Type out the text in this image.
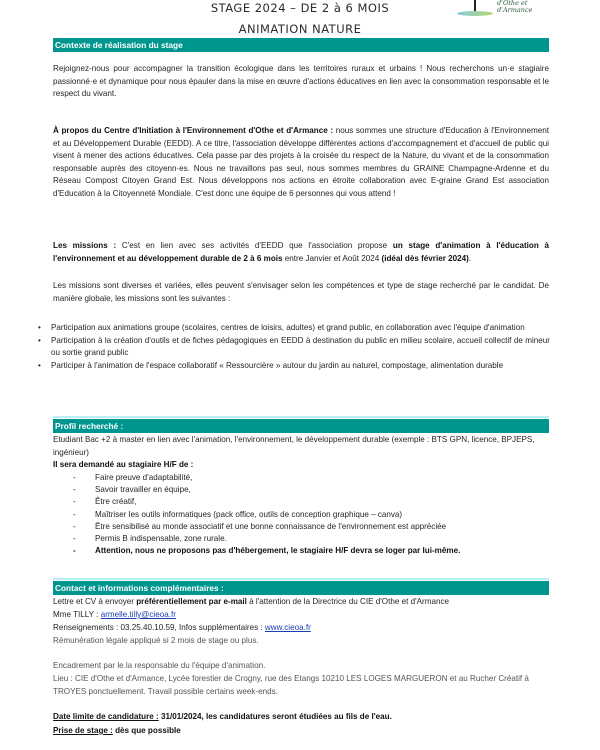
STAGE 2024 – DE 2 à 6 MOIS
ANIMATION NATURE
d'Othe et
d'Armance
Contexte de réalisation du stage
Rejoignez-nous pour accompagner la transition écologique dans les territoires ruraux et urbains ! Nous recherchons un·e stagiaire passionné·e et dynamique pour nous épauler dans la mise en œuvre d'actions éducatives en lien avec la consommation responsable et le respect du vivant.
À propos du Centre d'Initiation à l'Environnement d'Othe et d'Armance : nous sommes une structure d'Education à l'Environnement et au Développement Durable (EEDD). A ce titre, l'association développe différentes actions d'accompagnement et d'accueil de public qui visent à mener des actions éducatives. Cela passe par des projets à la croisée du respect de la Nature, du vivant et de la consommation responsable auprès des citoyenn·es. Nous ne travaillons pas seul, nous sommes membres du GRAINE Champagne-Ardenne et du Réseau Compost Citoyen Grand Est. Nous développons nos actions en étroite collaboration avec E-graine Grand Est association d'Education à la Citoyenneté Mondiale. C'est donc une équipe de 6 personnes qui vous attend !
Les missions : C'est en lien avec ses activités d'EEDD que l'association propose un stage d'animation à l'éducation à l'environnement et au développement durable de 2 à 6 mois entre Janvier et Août 2024 (idéal dès février 2024).
Les missions sont diverses et variées, elles peuvent s'envisager selon les compétences et type de stage recherché par le candidat. De manière globale, les missions sont les suivantes :
• Participation aux animations groupe (scolaires, centres de loisirs, adultes) et grand public, en collaboration avec l'équipe d'animation
• Participation à la création d'outils et de fiches pédagogiques en EEDD à destination du public en milieu scolaire, accueil collectif de mineur ou sortie grand public
• Participer à l'animation de l'espace collaboratif « Ressourcière » autour du jardin au naturel, compostage, alimentation durable
Profil recherché :
Etudiant Bac +2 à master en lien avec l'animation, l'environnement, le développement durable (exemple : BTS GPN, licence, BPJEPS, ingénieur)
Il sera demandé au stagiaire H/F de :
- Faire preuve d'adaptabilité,
- Savoir travailler en équipe,
- Être créatif,
- Maîtriser les outils informatiques (pack office, outils de conception graphique – canva)
- Être sensibilisé au monde associatif et une bonne connaissance de l'environnement est appréciée
- Permis B indispensable, zone rurale.
- Attention, nous ne proposons pas d'hébergement, le stagiaire H/F devra se loger par lui-même.
Contact et informations complémentaires :
Lettre et CV à envoyer préférentiellement par e-mail à l'attention de la Directrice du CIE d'Othe et d'Armance
Mme TILLY : armelle.tilly@cieoa.fr
Renseignements : 03.25.40.10.59, Infos supplémentaires : www.cieoa.fr
Rémunération légale appliqué si 2 mois de stage ou plus.
Encadrement par le.la responsable du l'équipe d'animation.
Lieu : CIE d'Othe et d'Armance, Lycée forestier de Crogny, rue des Etangs 10210 LES LOGES MARGUERON et au Rucher Créatif à TROYES ponctuellement. Travail possible certains week-ends.
Date limite de candidature : 31/01/2024, les candidatures seront étudiées au fils de l'eau.
Prise de stage : dès que possible
